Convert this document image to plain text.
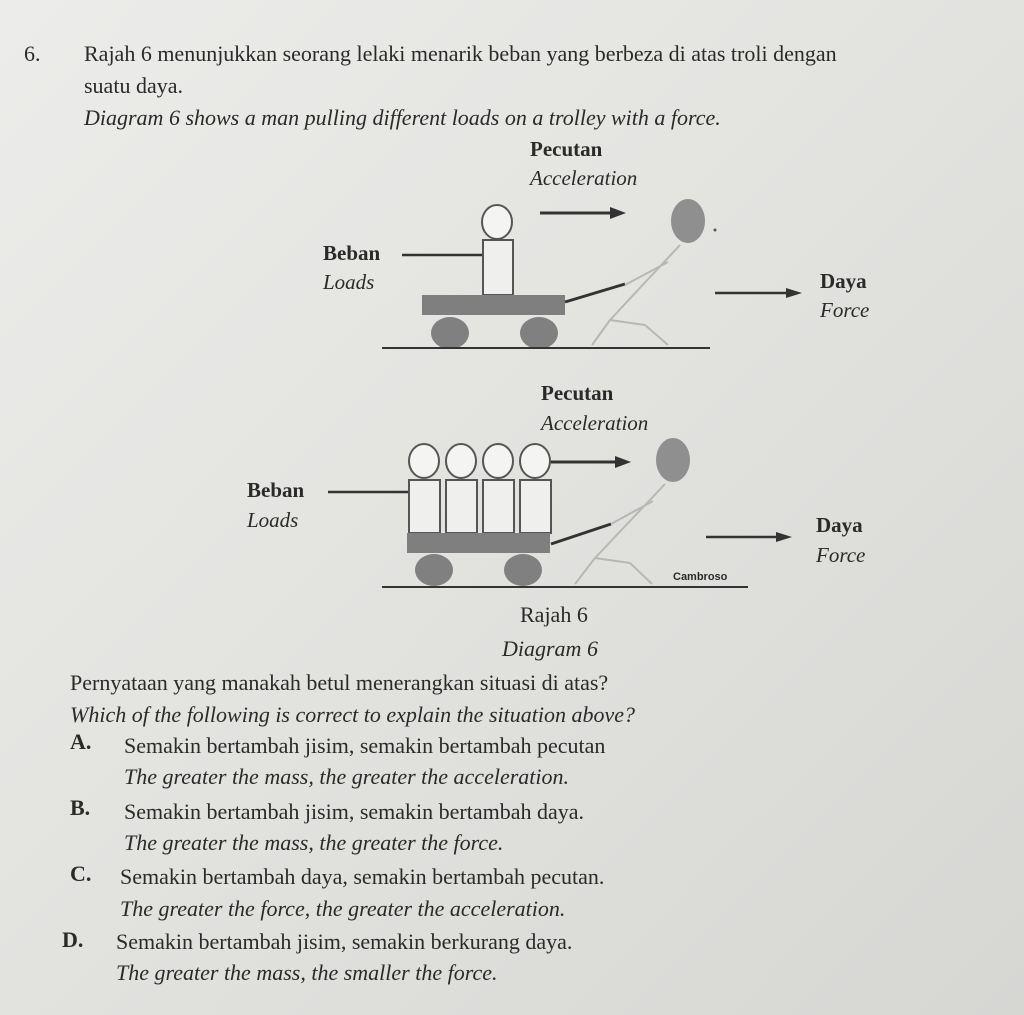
6. Rajah 6 menunjukkan seorang lelaki menarik beban yang berbeza di atas troli dengan
suatu daya.
Diagram 6 shows a man pulling different loads on a trolley with a force.
Pecutan
Acceleration
Beban
Loads	Daya
Force
Pecutan
Acceleration
Beban
Loads	Daya
Force
Cambroso
Rajah 6
Diagram 6
Pernyataan yang manakah betul menerangkan situasi di atas?
Which of the following is correct to explain the situation above?
A. Semakin bertambah jisim, semakin bertambah pecutan
The greater the mass, the greater the acceleration.
B. Semakin bertambah jisim, semakin bertambah daya.
The greater the mass, the greater the force.
C. Semakin bertambah daya, semakin bertambah pecutan.
The greater the force, the greater the acceleration.
D. Semakin bertambah jisim, semakin berkurang daya.
The greater the mass, the smaller the force.
